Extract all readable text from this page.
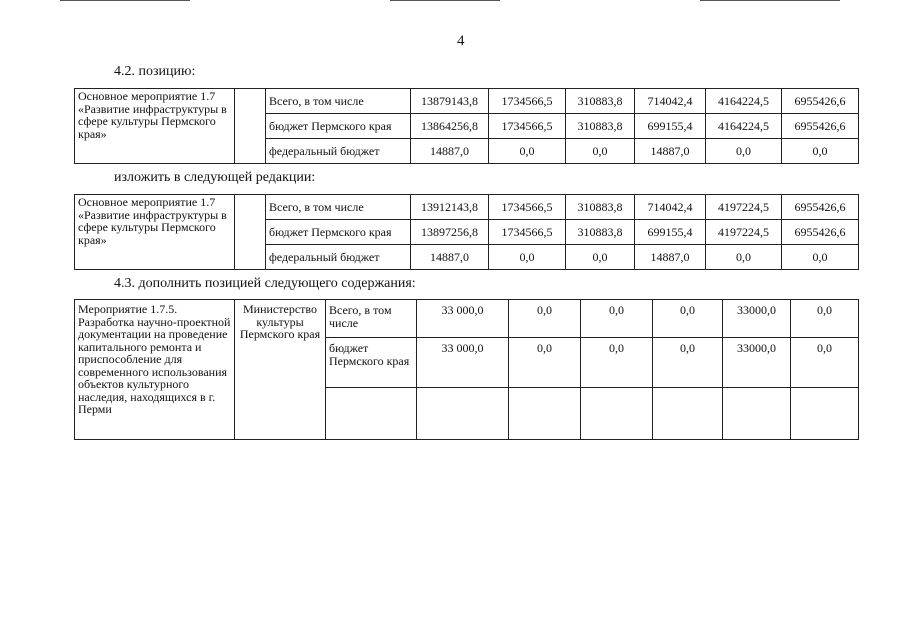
4
4.2. позицию:
Основное мероприятие 1.7 «Развитие инфраструктуры в сфере культуры Пермского края»		Всего, в том числе	13879143,8	1734566,5	310883,8	714042,4	4164224,5	6955426,6
		бюджет Пермского края	13864256,8	1734566,5	310883,8	699155,4	4164224,5	6955426,6
		федеральный бюджет	14887,0	0,0	0,0	14887,0	0,0	0,0
изложить в следующей редакции:
Основное мероприятие 1.7 «Развитие инфраструктуры в сфере культуры Пермского края»		Всего, в том числе	13912143,8	1734566,5	310883,8	714042,4	4197224,5	6955426,6
		бюджет Пермского края	13897256,8	1734566,5	310883,8	699155,4	4197224,5	6955426,6
		федеральный бюджет	14887,0	0,0	0,0	14887,0	0,0	0,0
4.3. дополнить позицией следующего содержания:
Мероприятие 1.7.5. Разработка научно-проектной документации на проведение капитального ремонта и приспособление для современного использования объектов культурного наследия, находящихся в г. Перми	Министерство культуры Пермского края	Всего, в том числе	33 000,0	0,0	0,0	0,0	33000,0	0,0
		бюджет Пермского края	33 000,0	0,0	0,0	0,0	33000,0	0,0
